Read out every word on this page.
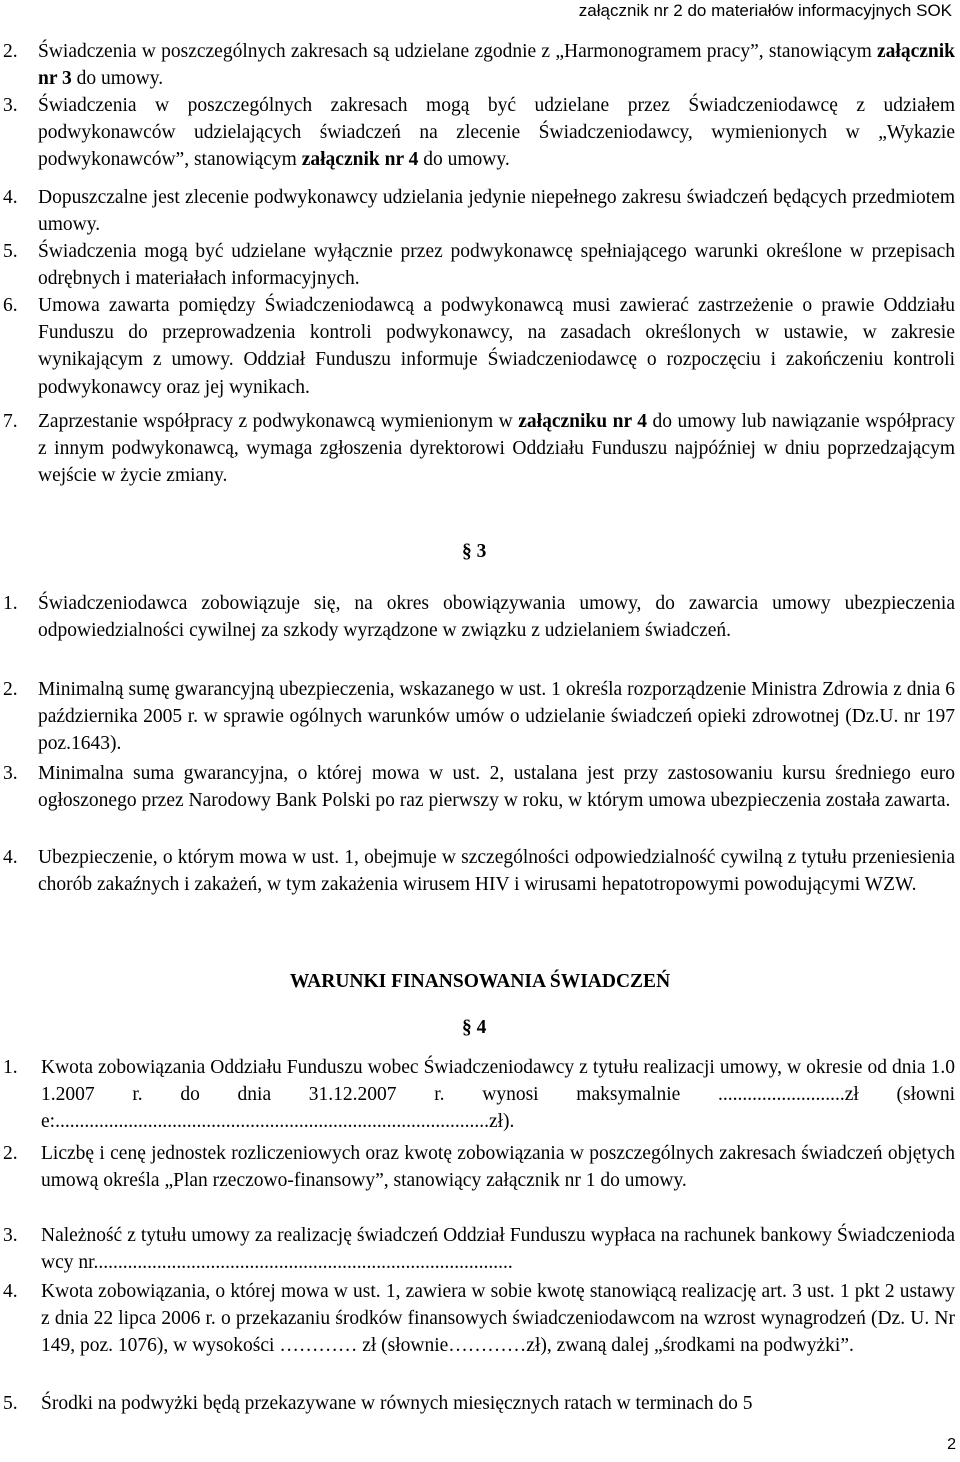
załącznik nr 2 do materiałów informacyjnych SOK
2. Świadczenia w poszczególnych zakresach są udzielane zgodnie z „Harmonogramem pracy”, stanowiącym załącznik nr 3 do umowy.
3. Świadczenia w poszczególnych zakresach mogą być udzielane przez Świadczeniodawcę z udziałem podwykonawców udzielających świadczeń na zlecenie Świadczeniodawcy, wymienionych w „Wykazie podwykonawców”, stanowiącym załącznik nr 4 do umowy.
4. Dopuszczalne jest zlecenie podwykonawcy udzielania jedynie niepełnego zakresu świadczeń będących przedmiotem umowy.
5. Świadczenia mogą być udzielane wyłącznie przez podwykonawcę spełniającego warunki określone w przepisach odrębnych i materiałach informacyjnych.
6. Umowa zawarta pomiędzy Świadczeniodawcą a podwykonawcą musi zawierać zastrzeżenie o prawie Oddziału Funduszu do przeprowadzenia kontroli podwykonawcy, na zasadach określonych w ustawie, w zakresie wynikającym z umowy. Oddział Funduszu informuje Świadczeniodawcę o rozpoczęciu i zakończeniu kontroli podwykonawcy oraz jej wynikach.
7. Zaprzestanie współpracy z podwykonawcą wymienionym w załączniku nr 4 do umowy lub nawiązanie współpracy z innym podwykonawcą, wymaga zgłoszenia dyrektorowi Oddziału Funduszu najpóźniej w dniu poprzedzającym wejście w życie zmiany.
§ 3
1. Świadczeniodawca zobowiązuje się, na okres obowiązywania umowy, do zawarcia umowy ubezpieczenia odpowiedzialności cywilnej za szkody wyrządzone w związku z udzielaniem świadczeń.
2. Minimalną sumę gwarancyjną ubezpieczenia, wskazanego w ust. 1 określa rozporządzenie Ministra Zdrowia z dnia 6 października 2005 r. w sprawie ogólnych warunków umów o udzielanie świadczeń opieki zdrowotnej (Dz.U. nr 197 poz.1643).
3. Minimalna suma gwarancyjna, o której mowa w ust. 2, ustalana jest przy zastosowaniu kursu średniego euro ogłoszonego przez Narodowy Bank Polski po raz pierwszy w roku, w którym umowa ubezpieczenia została zawarta.
4. Ubezpieczenie, o którym mowa w ust. 1, obejmuje w szczególności odpowiedzialność cywilną z tytułu przeniesienia chorób zakaźnych i zakażeń, w tym zakażenia wirusem HIV i wirusami hepatotropowymi powodującymi WZW.
WARUNKI FINANSOWANIA ŚWIADCZEŃ
§ 4
1. Kwota zobowiązania Oddziału Funduszu wobec Świadczeniodawcy z tytułu realizacji umowy, w okresie od dnia 1.01.2007 r. do dnia 31.12.2007 r. wynosi maksymalnie ..........................zł (słownie:.........................................................................................zł).
2. Liczbę i cenę jednostek rozliczeniowych oraz kwotę zobowiązania w poszczególnych zakresach świadczeń objętych umową określa „Plan rzeczowo-finansowy”, stanowiący załącznik nr 1 do umowy.
3. Należność z tytułu umowy za realizację świadczeń Oddział Funduszu wypłaca na rachunek bankowy Świadczeniodawcy nr......................................................................................
4. Kwota zobowiązania, o której mowa w ust. 1, zawiera w sobie kwotę stanowiącą realizację art. 3 ust. 1 pkt 2 ustawy z dnia 22 lipca 2006 r. o przekazaniu środków finansowych świadczeniodawcom na wzrost wynagrodzeń (Dz. U. Nr 149, poz. 1076), w wysokości ………… zł (słownie…………zł), zwaną dalej „środkami na podwyżki”.
5. Środki na podwyżki będą przekazywane w równych miesięcznych ratach w terminach do 5
2
